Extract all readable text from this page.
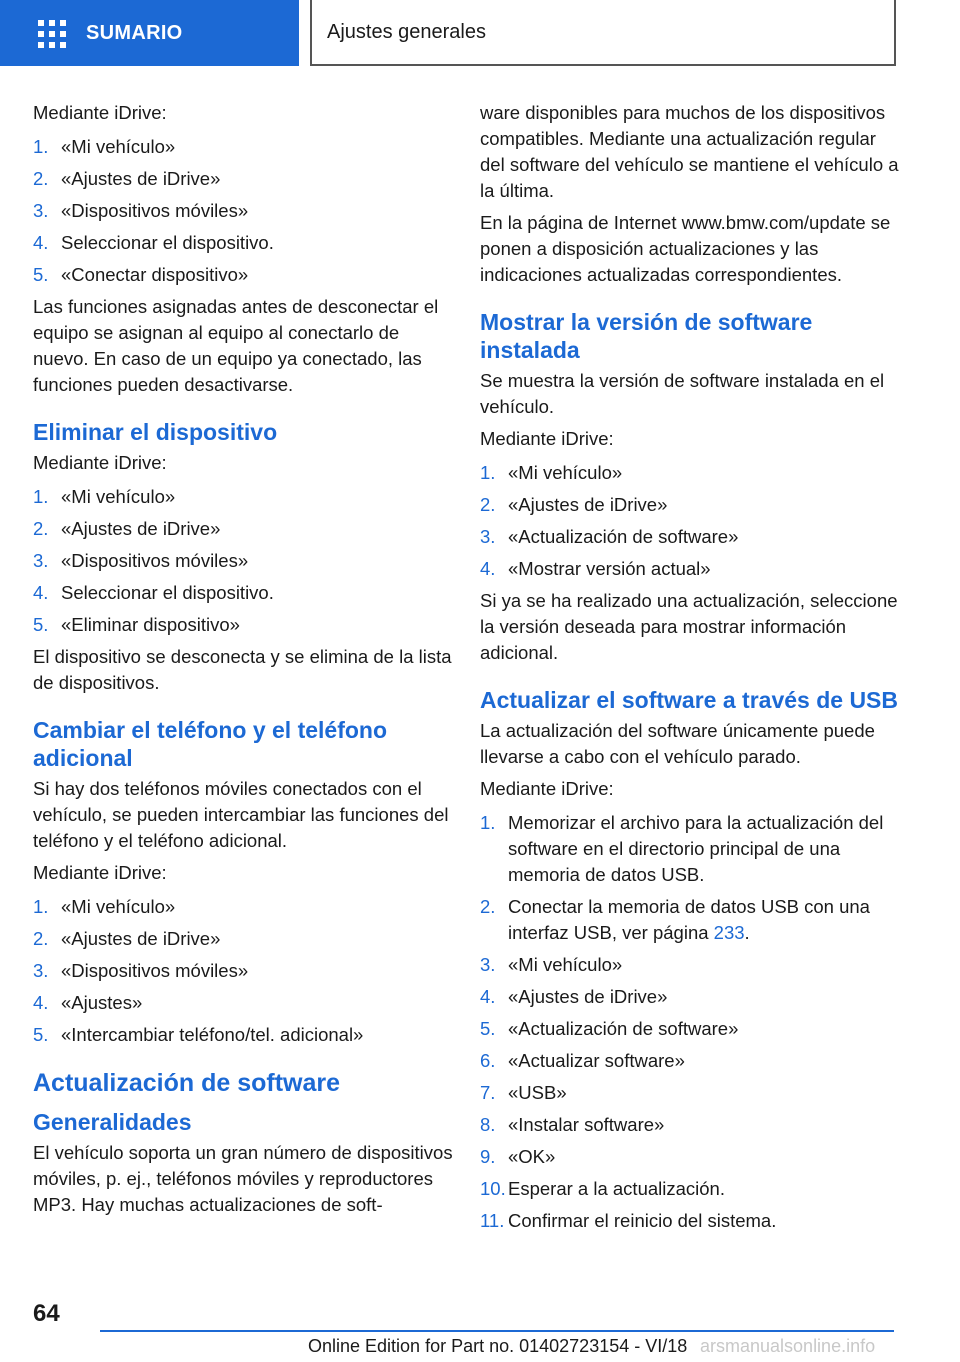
SUMARIO	Ajustes generales

Mediante iDrive:

1. «Mi vehículo»
2. «Ajustes de iDrive»
3. «Dispositivos móviles»
4. Seleccionar el dispositivo.
5. «Conectar dispositivo»

Las funciones asignadas antes de desconectar el equipo se asignan al equipo al conectarlo de nuevo. En caso de un equipo ya conectado, las funciones pueden desactivarse.

Eliminar el dispositivo

Mediante iDrive:

1. «Mi vehículo»
2. «Ajustes de iDrive»
3. «Dispositivos móviles»
4. Seleccionar el dispositivo.
5. «Eliminar dispositivo»

El dispositivo se desconecta y se elimina de la lista de dispositivos.

Cambiar el teléfono y el teléfono adicional

Si hay dos teléfonos móviles conectados con el vehículo, se pueden intercambiar las funciones del teléfono y el teléfono adicional.

Mediante iDrive:

1. «Mi vehículo»
2. «Ajustes de iDrive»
3. «Dispositivos móviles»
4. «Ajustes»
5. «Intercambiar teléfono/tel. adicional»
Actualización de software
Generalidades

El vehículo soporta un gran número de dispositivos móviles, p. ej., teléfonos móviles y reproductores MP3. Hay muchas actualizaciones de soft-

ware disponibles para muchos de los dispositivos compatibles. Mediante una actualización regular del software del vehículo se mantiene el vehículo a la última.

En la página de Internet www.bmw.com/update se ponen a disposición actualizaciones y las indicaciones actualizadas correspondientes.

Mostrar la versión de software instalada

Se muestra la versión de software instalada en el vehículo.

Mediante iDrive:

1. «Mi vehículo»
2. «Ajustes de iDrive»
3. «Actualización de software»
4. «Mostrar versión actual»

Si ya se ha realizado una actualización, seleccione la versión deseada para mostrar información adicional.

Actualizar el software a través de USB

La actualización del software únicamente puede llevarse a cabo con el vehículo parado.

Mediante iDrive:

1. Memorizar el archivo para la actualización del software en el directorio principal de una memoria de datos USB.
2. Conectar la memoria de datos USB con una interfaz USB, ver página 233.
3. «Mi vehículo»
4. «Ajustes de iDrive»
5. «Actualización de software»
6. «Actualizar software»
7. «USB»
8. «Instalar software»
9. «OK»
10. Esperar a la actualización.
11. Confirmar el reinicio del sistema.
64
Online Edition for Part no. 01402723154 - VI/18 arsmanualsonline.info
